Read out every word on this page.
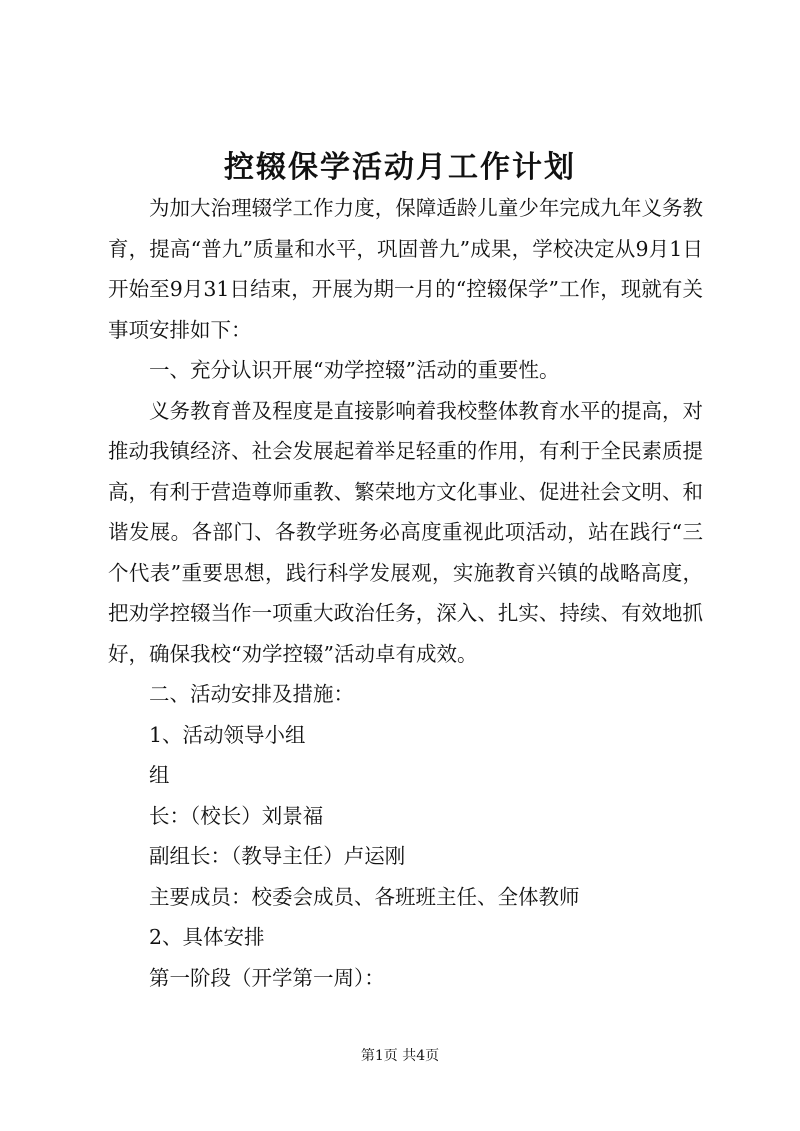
控辍保学活动月工作计划

为加大治理辍学工作力度，保障适龄儿童少年完成九年义务教育，提高“普九”质量和水平，巩固普九”成果，学校决定从9月1日开始至9月31日结束，开展为期一月的“控辍保学”工作，现就有关事项安排如下：

一、充分认识开展“劝学控辍”活动的重要性。

义务教育普及程度是直接影响着我校整体教育水平的提高，对推动我镇经济、社会发展起着举足轻重的作用，有利于全民素质提高，有利于营造尊师重教、繁荣地方文化事业、促进社会文明、和谐发展。各部门、各教学班务必高度重视此项活动，站在践行“三个代表”重要思想，践行科学发展观，实施教育兴镇的战略高度，把劝学控辍当作一项重大政治任务，深入、扎实、持续、有效地抓好，确保我校“劝学控辍”活动卓有成效。

二、活动安排及措施：

1、活动领导小组

组

长：（校长）刘景福

副组长：（教导主任）卢运刚

主要成员：校委会成员、各班班主任、全体教师

2、具体安排

第一阶段（开学第一周）：

第1页 共4页
